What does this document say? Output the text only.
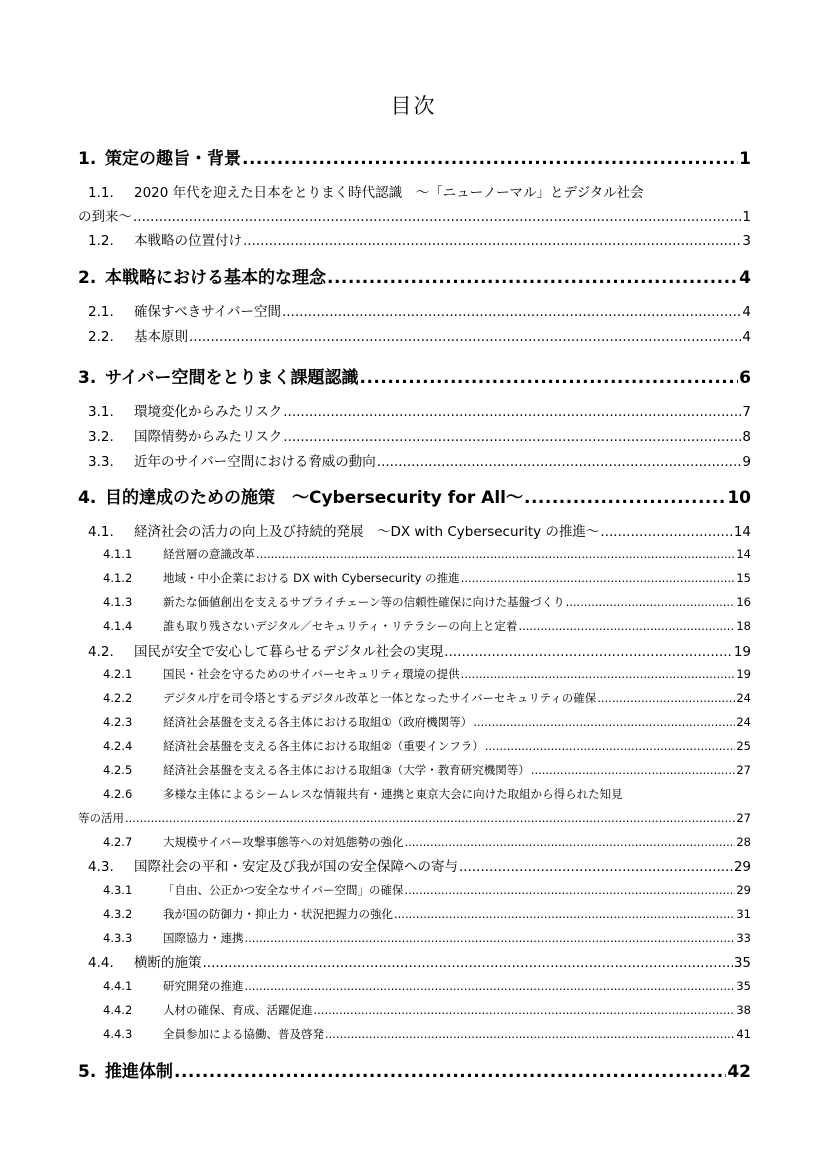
目次
1. 策定の趣旨・背景 .....	1
1.1.	2020 年代を迎えた日本をとりまく時代認識　～「ニューノーマル」とデジタル社会
の到来～ .....	1
1.2.	本戦略の位置付け .....	3
2. 本戦略における基本的な理念 .....	4
2.1.	確保すべきサイバー空間 .....	4
2.2.	基本原則 .....	4
3. サイバー空間をとりまく課題認識 .....	6
3.1.	環境変化からみたリスク .....	7
3.2.	国際情勢からみたリスク .....	8
3.3.	近年のサイバー空間における脅威の動向 .....	9
4. 目的達成のための施策　～Cybersecurity for All～ .....	10
4.1.	経済社会の活力の向上及び持続的発展　～DX with Cybersecurity の推進～ .....	14
4.1.1	経営層の意識改革 .....	14
4.1.2	地域・中小企業における DX with Cybersecurity の推進 .....	15
4.1.3	新たな価値創出を支えるサプライチェーン等の信頼性確保に向けた基盤づくり .....	16
4.1.4	誰も取り残さないデジタル／セキュリティ・リテラシーの向上と定着 .....	18
4.2.	国民が安全で安心して暮らせるデジタル社会の実現 .....	19
4.2.1	国民・社会を守るためのサイバーセキュリティ環境の提供 .....	19
4.2.2	デジタル庁を司令塔とするデジタル改革と一体となったサイバーセキュリティの確保 .....	24
4.2.3	経済社会基盤を支える各主体における取組①（政府機関等） .....	24
4.2.4	経済社会基盤を支える各主体における取組②（重要インフラ） .....	25
4.2.5	経済社会基盤を支える各主体における取組③（大学・教育研究機関等） .....	27
4.2.6	多様な主体によるシームレスな情報共有・連携と東京大会に向けた取組から得られた知見
等の活用 .....	27
4.2.7	大規模サイバー攻撃事態等への対処態勢の強化 .....	28
4.3.	国際社会の平和・安定及び我が国の安全保障への寄与 .....	29
4.3.1	「自由、公正かつ安全なサイバー空間」の確保 .....	29
4.3.2	我が国の防御力・抑止力・状況把握力の強化 .....	31
4.3.3	国際協力・連携 .....	33
4.4.	横断的施策 .....	35
4.4.1	研究開発の推進 .....	35
4.4.2	人材の確保、育成、活躍促進 .....	38
4.4.3	全員参加による協働、普及啓発 .....	41
5. 推進体制 .....	42
